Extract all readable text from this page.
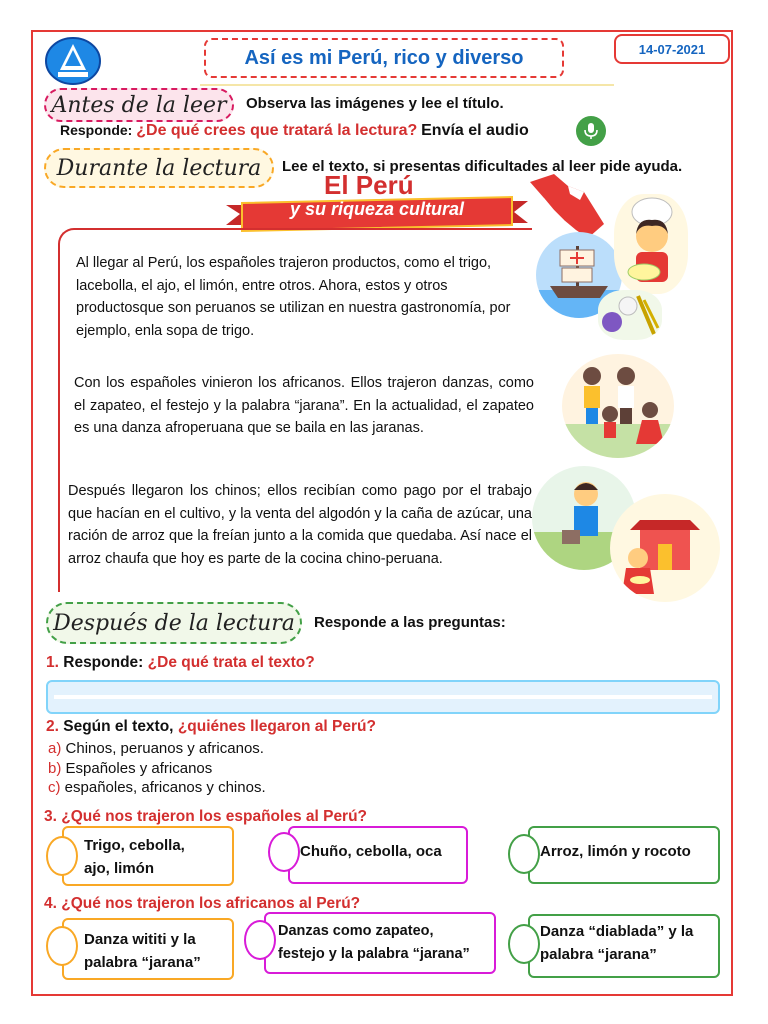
Así es mi Perú, rico y diverso	14-07-2021
Antes de la leer Observa las imágenes y lee el título.
Responde: ¿De qué crees que tratará la lectura? Envía el audio
Durante la lectura Lee el texto, si presentas dificultades al leer pide ayuda.
El Perú
y su riqueza cultural

Al llegar al Perú, los españoles trajeron productos, como el trigo, lacebolla, el ajo, el limón, entre otros. Ahora, estos y otros productosque son peruanos se utilizan en nuestra gastronomía, por ejemplo, enla sopa de trigo.

Con los españoles vinieron los africanos. Ellos trajeron danzas, como el zapateo, el festejo y la palabra “jarana”. En la actualidad, el zapateo es una danza afroperuana que se baila en las jaranas.

Después llegaron los chinos; ellos recibían como pago por el trabajo que hacían en el cultivo, y la venta del algodón y la caña de azúcar, una ración de arroz que la freían junto a la comida que quedaba. Así nace el arroz chaufa que hoy es parte de la cocina chino-peruana.

Después de la lectura Responde a las preguntas:
1. Responde: ¿De qué trata el texto?
2. Según el texto, ¿quiénes llegaron al Perú?
a) Chinos, peruanos y africanos.
b) Españoles y africanos
c) españoles, africanos y chinos.
3. ¿Qué nos trajeron los españoles al Perú?
Trigo, cebolla,
ajo, limón
Chuño, cebolla, oca	Arroz, limón y rocoto
4. ¿Qué nos trajeron los africanos al Perú?
Danza wititi y la
palabra “jarana”
Danzas como zapateo,
festejo y la palabra “jarana”
Danza “diablada” y la
palabra “jarana”
